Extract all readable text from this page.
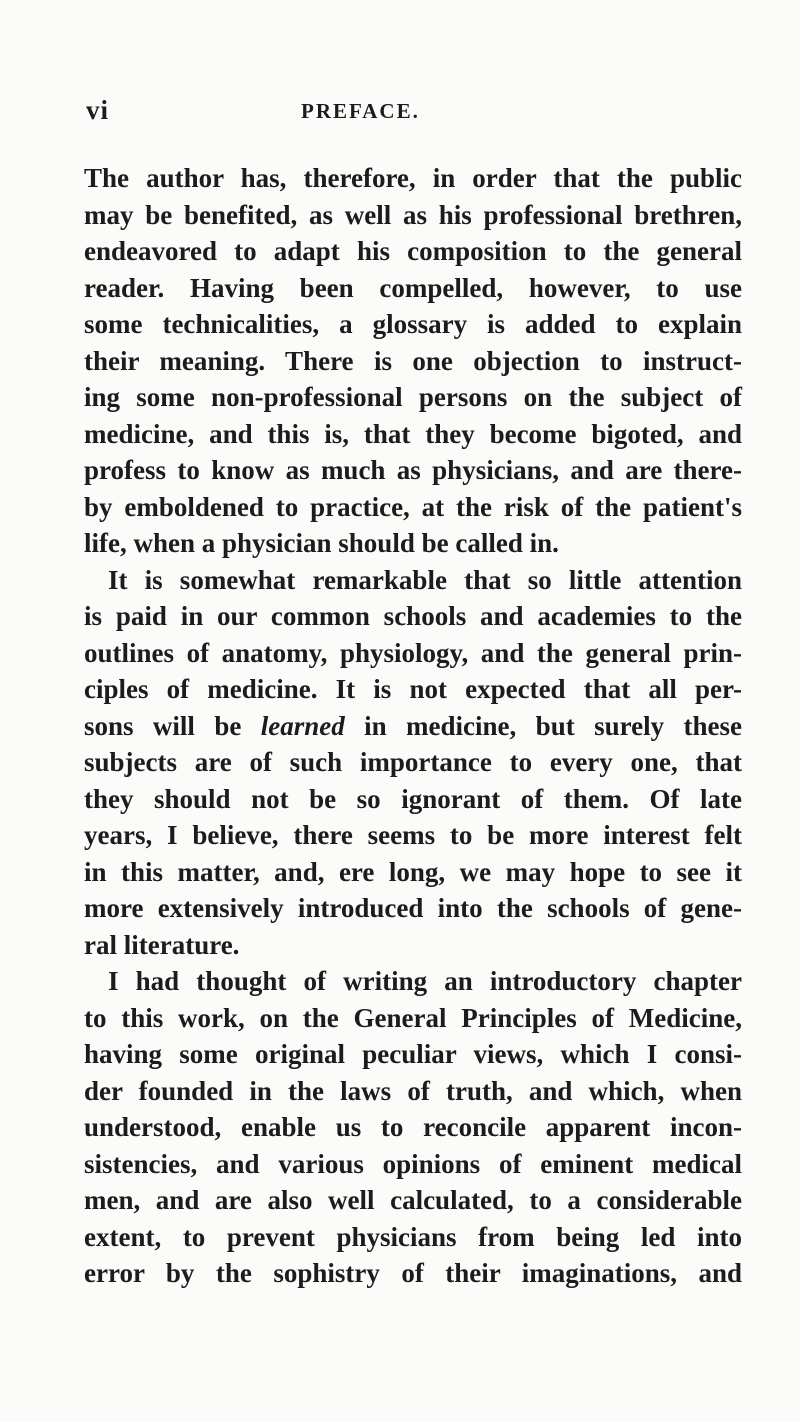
vi	PREFACE.
The author has, therefore, in order that the public
may be benefited, as well as his professional brethren,
endeavored to adapt his composition to the general
reader. Having been compelled, however, to use
some technicalities, a glossary is added to explain
their meaning. There is one objection to instruct-
ing some non-professional persons on the subject of
medicine, and this is, that they become bigoted, and
profess to know as much as physicians, and are there-
by emboldened to practice, at the risk of the patient's
life, when a physician should be called in.
It is somewhat remarkable that so little attention
is paid in our common schools and academies to the
outlines of anatomy, physiology, and the general prin-
ciples of medicine. It is not expected that all per-
sons will be learned in medicine, but surely these
subjects are of such importance to every one, that
they should not be so ignorant of them. Of late
years, I believe, there seems to be more interest felt
in this matter, and, ere long, we may hope to see it
more extensively introduced into the schools of gene-
ral literature.
I had thought of writing an introductory chapter
to this work, on the General Principles of Medicine,
having some original peculiar views, which I consi-
der founded in the laws of truth, and which, when
understood, enable us to reconcile apparent incon-
sistencies, and various opinions of eminent medical
men, and are also well calculated, to a considerable
extent, to prevent physicians from being led into
error by the sophistry of their imaginations, and
